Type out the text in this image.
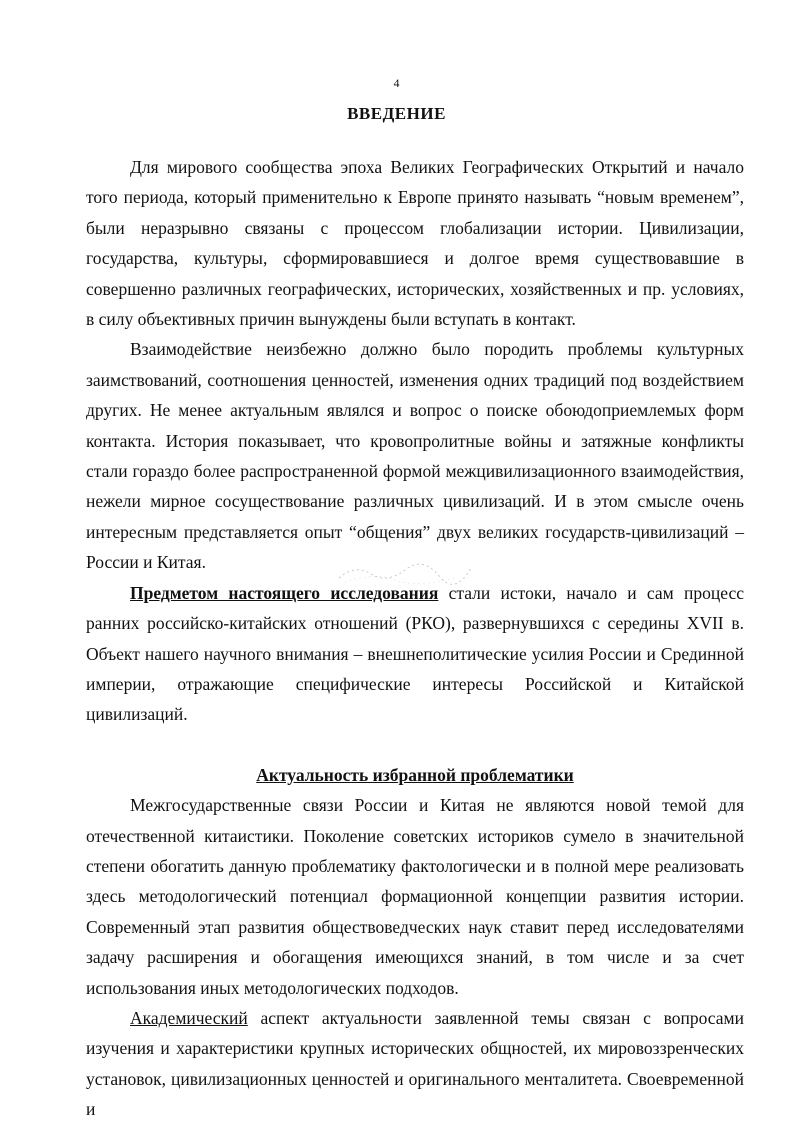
4
ВВЕДЕНИЕ

Для мирового сообщества эпоха Великих Географических Открытий и начало того периода, который применительно к Европе принято называть “новым временем”, были неразрывно связаны с процессом глобализации истории. Цивилизации, государства, культуры, сформировавшиеся и долгое время существовавшие в совершенно различных географических, исторических, хозяйственных и пр. условиях, в силу объективных причин вынуждены были вступать в контакт.

Взаимодействие неизбежно должно было породить проблемы культурных заимствований, соотношения ценностей, изменения одних традиций под воздействием других. Не менее актуальным являлся и вопрос о поиске обоюдоприемлемых форм контакта. История показывает, что кровопролитные войны и затяжные конфликты стали гораздо более распространенной формой межцивилизационного взаимодействия, нежели мирное сосуществование различных цивилизаций. И в этом смысле очень интересным представляется опыт “общения” двух великих государств-цивилизаций – России и Китая.

Предметом настоящего исследования стали истоки, начало и сам процесс ранних российско-китайских отношений (РКО), развернувшихся с середины XVII в. Объект нашего научного внимания – внешнеполитические усилия России и Срединной империи, отражающие специфические интересы Российской и Китайской цивилизаций.

Актуальность избранной проблематики

Межгосударственные связи России и Китая не являются новой темой для отечественной китаистики. Поколение советских историков сумело в значительной степени обогатить данную проблематику фактологически и в полной мере реализовать здесь методологический потенциал формационной концепции развития истории. Современный этап развития обществоведческих наук ставит перед исследователями задачу расширения и обогащения имеющихся знаний, в том числе и за счет использования иных методологических подходов.

Академический аспект актуальности заявленной темы связан с вопросами изучения и характеристики крупных исторических общностей, их мировоззренческих установок, цивилизационных ценностей и оригинального менталитета. Своевременной и
